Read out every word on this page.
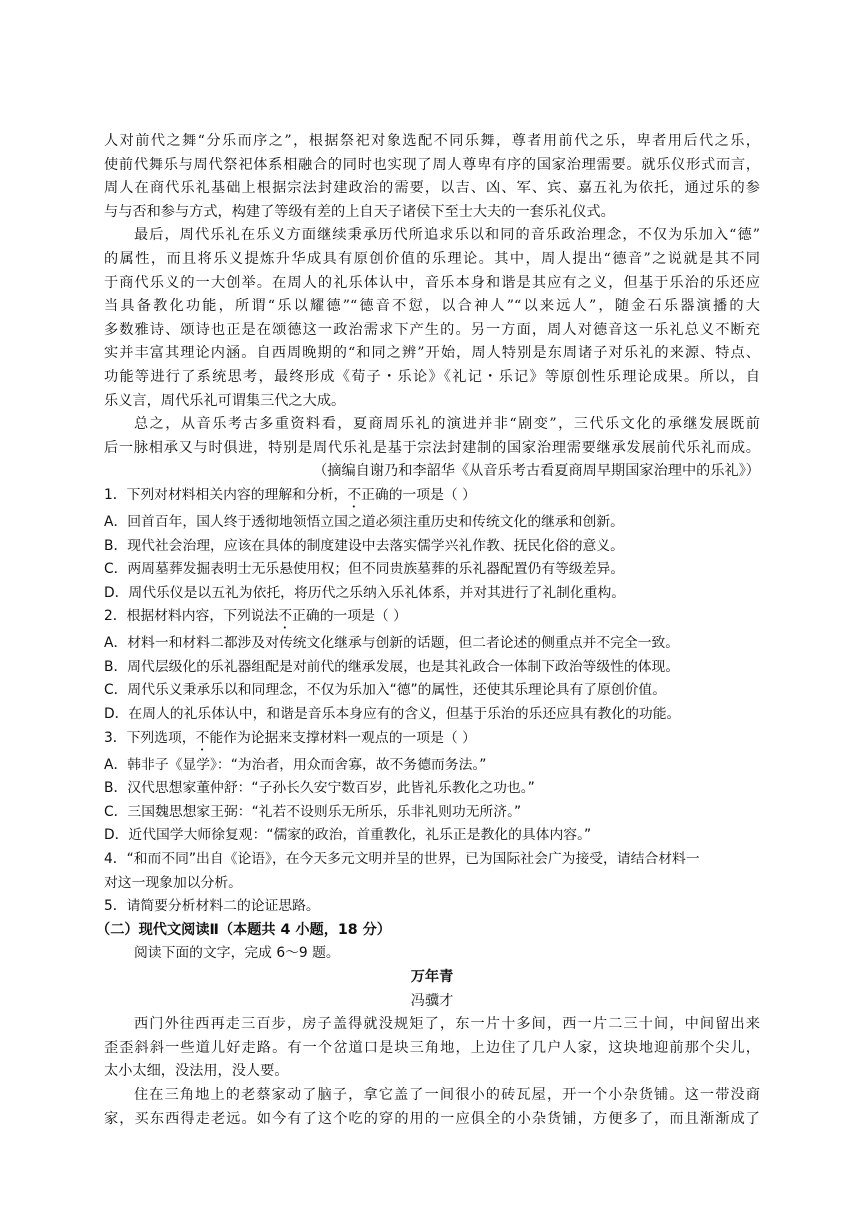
人对前代之舞“分乐而序之”，根据祭祀对象选配不同乐舞，尊者用前代之乐，卑者用后代之乐，
使前代舞乐与周代祭祀体系相融合的同时也实现了周人尊卑有序的国家治理需要。就乐仪形式而言，
周人在商代乐礼基础上根据宗法封建政治的需要，以吉、凶、军、宾、嘉五礼为依托，通过乐的参
与与否和参与方式，构建了等级有差的上自天子诸侯下至士大夫的一套乐礼仪式。
最后，周代乐礼在乐义方面继续秉承历代所追求乐以和同的音乐政治理念，不仅为乐加入“德”
的属性，而且将乐义提炼升华成具有原创价值的乐理论。其中，周人提出“德音”之说就是其不同
于商代乐义的一大创举。在周人的礼乐体认中，音乐本身和谐是其应有之义，但基于乐治的乐还应
当具备教化功能，所谓“乐以耀德”“德音不愆，以合神人”“以来远人”，随金石乐器演播的大
多数雅诗、颂诗也正是在颂德这一政治需求下产生的。另一方面，周人对德音这一乐礼总义不断充
实并丰富其理论内涵。自西周晚期的“和同之辨”开始，周人特别是东周诸子对乐礼的来源、特点、
功能等进行了系统思考，最终形成《荀子・乐论》《礼记・乐记》等原创性乐理论成果。所以，自
乐义言，周代乐礼可谓集三代之大成。
总之，从音乐考古多重资料看，夏商周乐礼的演进并非“剧变”，三代乐文化的承继发展既前
后一脉相承又与时俱进，特别是周代乐礼是基于宗法封建制的国家治理需要继承发展前代乐礼而成。
（摘编自谢乃和李韶华《从音乐考古看夏商周早期国家治理中的乐礼》）
1．下列对材料相关内容的理解和分析，不正确的一项是（ ）
A．回首百年，国人终于透彻地领悟立国之道必须注重历史和传统文化的继承和创新。
B．现代社会治理，应该在具体的制度建设中去落实儒学兴礼作教、抚民化俗的意义。
C．两周墓葬发掘表明士无乐悬使用权；但不同贵族墓葬的乐礼器配置仍有等级差异。
D．周代乐仪是以五礼为依托，将历代之乐纳入乐礼体系，并对其进行了礼制化重构。
2．根据材料内容，下列说法不正确的一项是（ ）
A．材料一和材料二都涉及对传统文化继承与创新的话题，但二者论述的侧重点并不完全一致。
B．周代层级化的乐礼器组配是对前代的继承发展，也是其礼政合一体制下政治等级性的体现。
C．周代乐义秉承乐以和同理念，不仅为乐加入“德”的属性，还使其乐理论具有了原创价值。
D．在周人的礼乐体认中，和谐是音乐本身应有的含义，但基于乐治的乐还应具有教化的功能。
3．下列选项，不能作为论据来支撑材料一观点的一项是（ ）
A．韩非子《显学》：“为治者，用众而舍寡，故不务德而务法。”
B．汉代思想家董仲舒：“子孙长久安宁数百岁，此皆礼乐教化之功也。”
C．三国魏思想家王弼：“礼若不设则乐无所乐，乐非礼则功无所济。”
D．近代国学大师徐复观：“儒家的政治，首重教化，礼乐正是教化的具体内容。”
4．“和而不同”出自《论语》，在今天多元文明并呈的世界，已为国际社会广为接受，请结合材料一
对这一现象加以分析。
5．请简要分析材料二的论证思路。
（二）现代文阅读Ⅱ（本题共 4 小题，18 分）
阅读下面的文字，完成 6～9 题。
万年青
冯骥才
西门外往西再走三百步，房子盖得就没规矩了，东一片十多间，西一片二三十间，中间留出来
歪歪斜斜一些道儿好走路。有一个岔道口是块三角地，上边住了几户人家，这块地迎前那个尖儿，
太小太细，没法用，没人要。
住在三角地上的老蔡家动了脑子，拿它盖了一间很小的砖瓦屋，开一个小杂货铺。这一带没商
家，买东西得走老远。如今有了这个吃的穿的用的一应俱全的小杂货铺，方便多了，而且渐渐成了
